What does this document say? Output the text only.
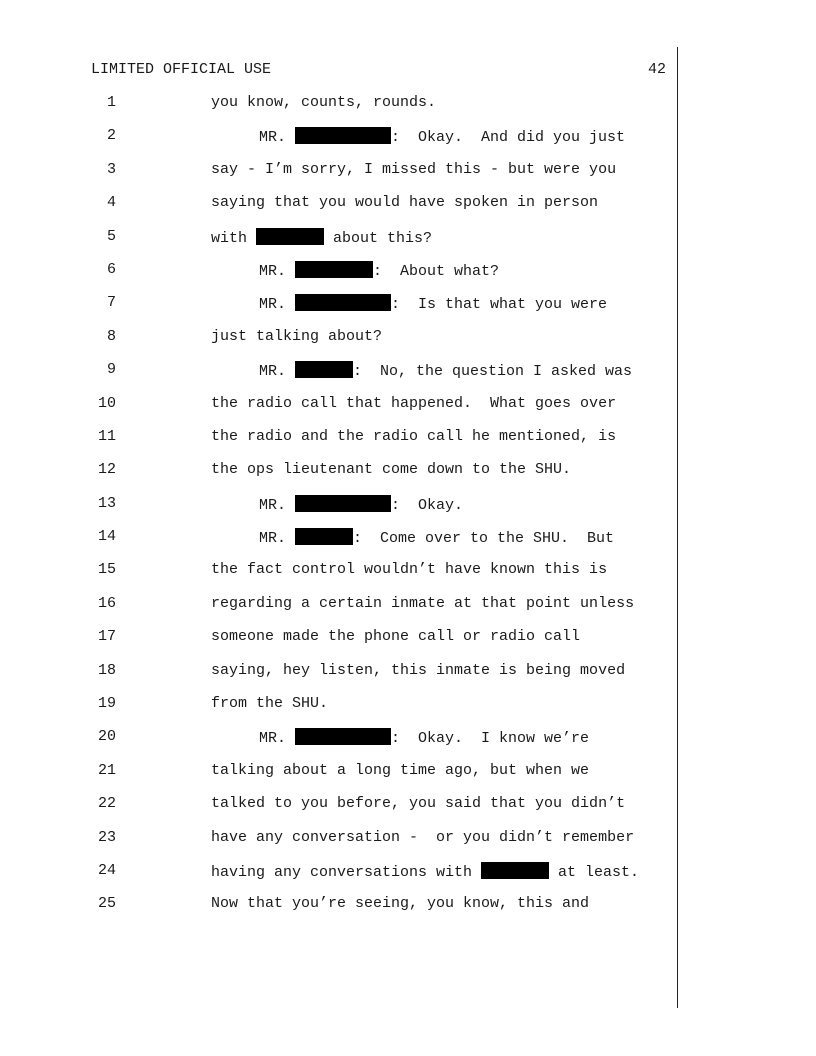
LIMITED OFFICIAL USE	42
1	you know, counts, rounds.
2	MR.	:  Okay.  And did you just
3	say - I’m sorry, I missed this - but were you
4	saying that you would have spoken in person
5	with	about this?
6	MR.	:  About what?
7	MR.	:  Is that what you were
8	just talking about?
9	MR.	:  No, the question I asked was
10	the radio call that happened.  What goes over
11	the radio and the radio call he mentioned, is
12	the ops lieutenant come down to the SHU.
13	MR.	:  Okay.
14	MR.	:  Come over to the SHU.  But
15	the fact control wouldn’t have known this is
16	regarding a certain inmate at that point unless
17	someone made the phone call or radio call
18	saying, hey listen, this inmate is being moved
19	from the SHU.
20	MR.	:  Okay.  I know we’re
21	talking about a long time ago, but when we
22	talked to you before, you said that you didn’t
23	have any conversation -  or you didn’t remember
24	having any conversations with	at least.
25	Now that you’re seeing, you know, this and
